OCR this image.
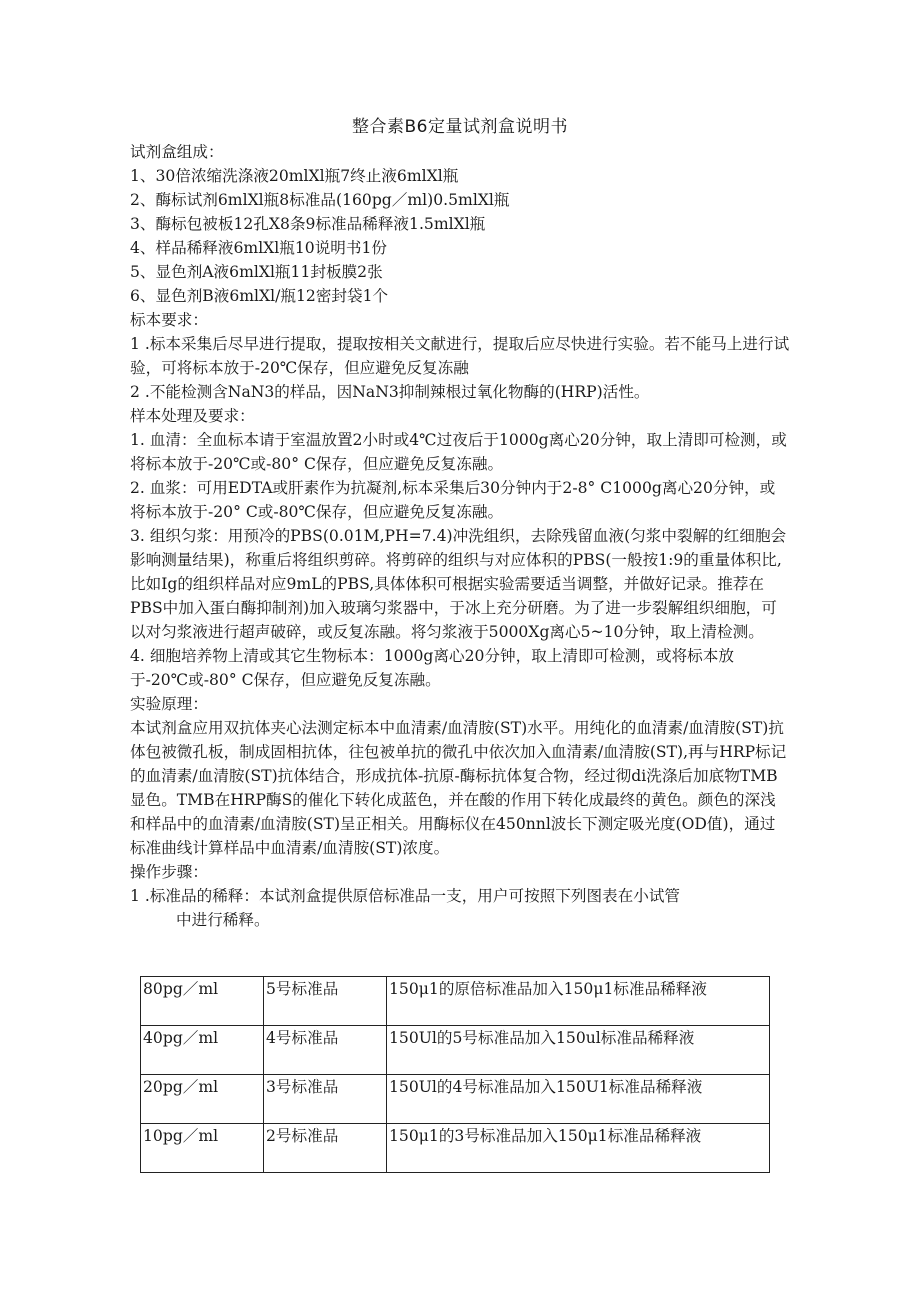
整合素B6定量试剂盒说明书

试剂盒组成：

1、30倍浓缩洗涤液20mlXl瓶7终止液6mlXl瓶

2、酶标试剂6mlXl瓶8标准品(160pg／ml)0.5mlXl瓶

3、酶标包被板12孔X8条9标准品稀释液1.5mlXl瓶

4、样品稀释液6mlXl瓶10说明书1份

5、显色剂A液6mlXl瓶11封板膜2张

6、显色剂B液6mlXl/瓶12密封袋1个

标本要求：

1 .标本采集后尽早进行提取，提取按相关文献进行，提取后应尽快进行实验。若不能马上进行试验，可将标本放于-20℃保存，但应避免反复冻融

2 .不能检测含NaN3的样品，因NaN3抑制辣根过氧化物酶的(HRP)活性。

样本处理及要求：

1. 血清：全血标本请于室温放置2小时或4℃过夜后于1000g离心20分钟，取上清即可检测，或将标本放于-20℃或-80° C保存，但应避免反复冻融。

2. 血浆：可用EDTA或肝素作为抗凝剂,标本采集后30分钟内于2-8° C1000g离心20分钟，或将标本放于-20° C或-80℃保存，但应避免反复冻融。

3. 组织匀浆：用预冷的PBS(0.01M,PH=7.4)冲洗组织，去除残留血液(匀浆中裂解的红细胞会影响测量结果)，称重后将组织剪碎。将剪碎的组织与对应体积的PBS(一般按1:9的重量体积比,比如Ig的组织样品对应9mL的PBS,具体体积可根据实验需要适当调整，并做好记录。推荐在PBS中加入蛋白酶抑制剂)加入玻璃匀浆器中，于冰上充分研磨。为了进一步裂解组织细胞，可以对匀浆液进行超声破碎，或反复冻融。将匀浆液于5000Xg离心5~10分钟，取上清检测。

4. 细胞培养物上清或其它生物标本：1000g离心20分钟，取上清即可检测，或将标本放于-20℃或-80° C保存，但应避免反复冻融。

实验原理：

本试剂盒应用双抗体夹心法测定标本中血清素/血清胺(ST)水平。用纯化的血清素/血清胺(ST)抗体包被微孔板，制成固相抗体，往包被单抗的微孔中依次加入血清素/血清胺(ST),再与HRP标记的血清素/血清胺(ST)抗体结合，形成抗体-抗原-酶标抗体复合物，经过彻di洗涤后加底物TMB显色。TMB在HRP酶S的催化下转化成蓝色，并在酸的作用下转化成最终的黄色。颜色的深浅和样品中的血清素/血清胺(ST)呈正相关。用酶标仪在450nnl波长下测定吸光度(OD值)，通过标准曲线计算样品中血清素/血清胺(ST)浓度。

操作步骤：

1 .标准品的稀释：本试剂盒提供原倍标准品一支，用户可按照下列图表在小试管

中进行稀释。

80pg／ml	5号标准品	150μ1的原倍标准品加入150μ1标准品稀释液
40pg／ml	4号标准品	150Ul的5号标准品加入150ul标准品稀释液
20pg／ml	3号标准品	150Ul的4号标准品加入150U1标准品稀释液
10pg／ml	2号标准品	150μ1的3号标准品加入150μ1标准品稀释液
